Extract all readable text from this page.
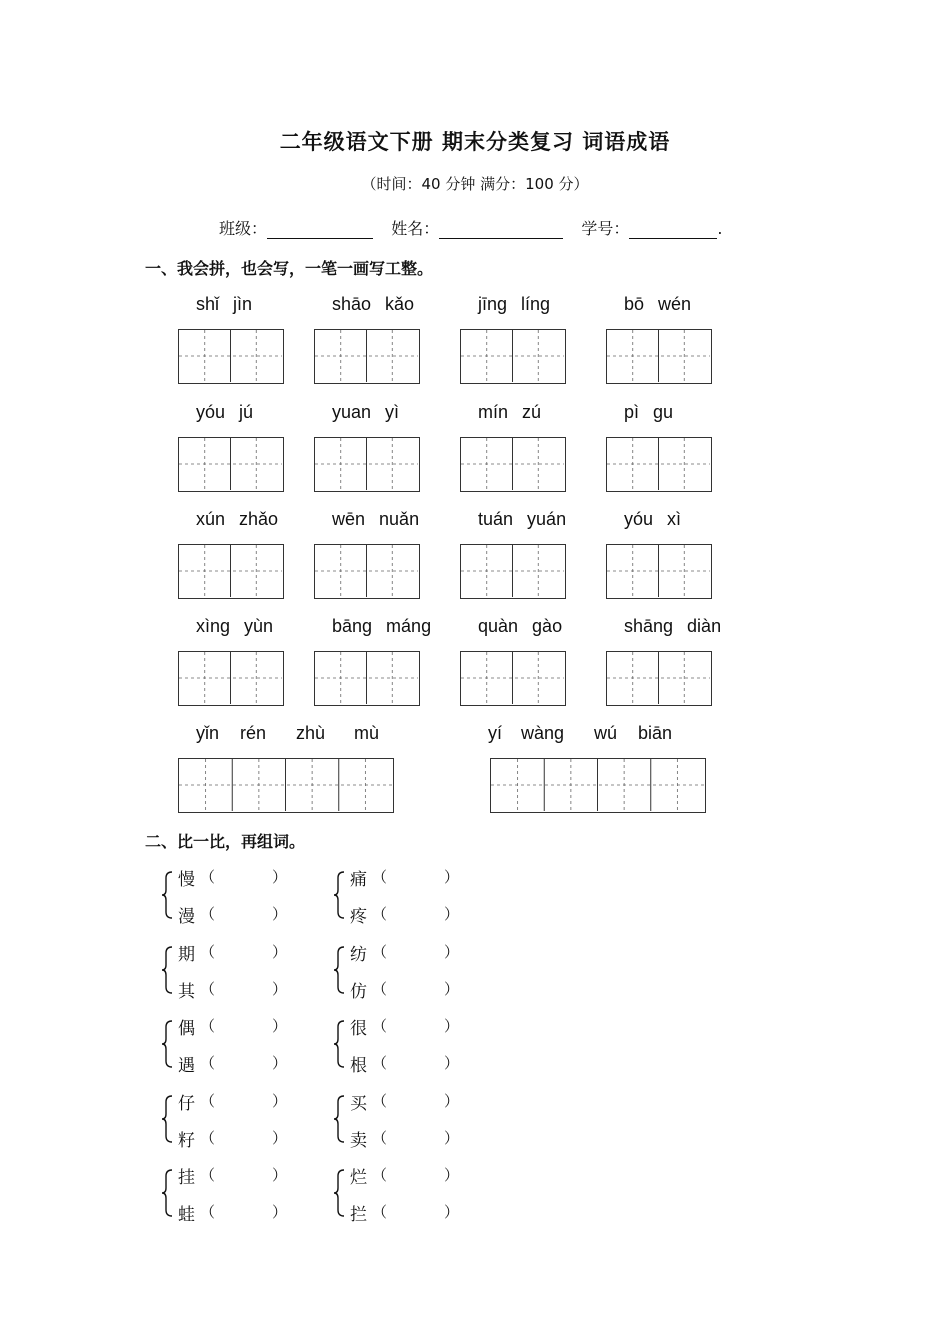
二年级语文下册 期末分类复习 词语成语
（时间：40 分钟 满分：100 分）
班级：	姓名：	学号：	.
一、我会拼，也会写，一笔一画写工整。
shǐ jìn	shāo kǎo	jīng líng	bō wén
yóu jú	yuan yì	mín zú	pì gu
xún zhǎo	wēn nuǎn	tuán yuán	yóu xì
xìng yùn	bāng máng	quàn gào	shāng diàn
yǐn rén zhù mù	yí wàng wú biān
二、比一比，再组词。
慢 （	）
漫 （	）
痛 （	）
疼 （	）
期 （	）
其 （	）
纺 （	）
仿 （	）
偶 （	）
遇 （	）
很 （	）
根 （	）
仔 （	）
籽 （	）
买 （	）
卖 （	）
挂 （	）
蛙 （	）
烂 （	）
拦 （	）
